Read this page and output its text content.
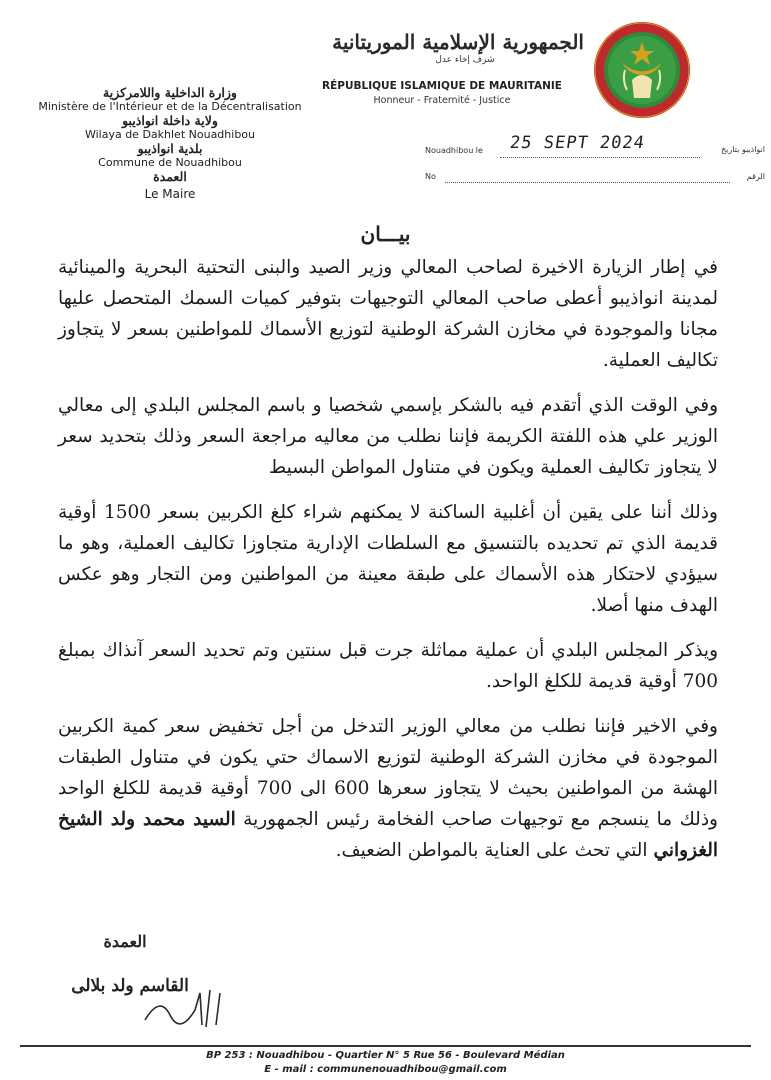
الجمهورية الإسلامية الموريتانية
شرف إخاء عدل
RÉPUBLIQUE ISLAMIQUE DE MAURITANIE
Honneur - Fraternité - Justice
وزارة الداخلية واللامركزية
Ministère de l'Intérieur et de la Décentralisation
ولاية داخلة انواذيبو
Wilaya de Dakhlet Nouadhibou
بلدية انواذيبو
Commune de Nouadhibou
العمدة
Le Maire
Nouadhibou le 25 SEPT 2024	انواذيبو بتاريخ
No	الرقم
بيـــان

في إطار الزيارة الاخيرة لصاحب المعالي وزير الصيد والبنى التحتية البحرية والمينائية لمدينة انواذيبو أعطى صاحب المعالي التوجيهات بتوفير كميات السمك المتحصل عليها مجانا والموجودة في مخازن الشركة الوطنية لتوزيع الأسماك للمواطنين بسعر لا يتجاوز تكاليف العملية.

وفي الوقت الذي أتقدم فيه بالشكر بإسمي شخصيا و باسم المجلس البلدي إلى معالي الوزير علي هذه اللفتة الكريمة فإننا نطلب من معاليه مراجعة السعر وذلك بتحديد سعر لا يتجاوز تكاليف العملية ويكون في متناول المواطن البسيط

وذلك أننا على يقين أن أغلبية الساكنة لا يمكنهم شراء كلغ الكربين بسعر 1500 أوقية قديمة الذي تم تحديده بالتنسيق مع السلطات الإدارية متجاوزا تكاليف العملية، وهو ما سيؤدي لاحتكار هذه الأسماك على طبقة معينة من المواطنين ومن التجار وهو عكس الهدف منها أصلا.

ويذكر المجلس البلدي أن عملية مماثلة جرت قبل سنتين وتم تحديد السعر آنذاك بمبلغ 700 أوقية قديمة للكلغ الواحد.

وفي الاخير فإننا نطلب من معالي الوزير التدخل من أجل تخفيض سعر كمية الكربين الموجودة في مخازن الشركة الوطنية لتوزيع الاسماك حتي يكون في متناول الطبقات الهشة من المواطنين بحيث لا يتجاوز سعرها 600 الى 700 أوقية قديمة للكلغ الواحد وذلك ما ينسجم مع توجيهات صاحب الفخامة رئيس الجمهورية السيد محمد ولد الشيخ الغزواني التي تحث على العناية بالمواطن الضعيف.

العمدة
القاسم ولد بلالى
BP 253 : Nouadhibou - Quartier N° 5 Rue 56 - Boulevard Médian
E - mail : communenouadhibou@gmail.com
